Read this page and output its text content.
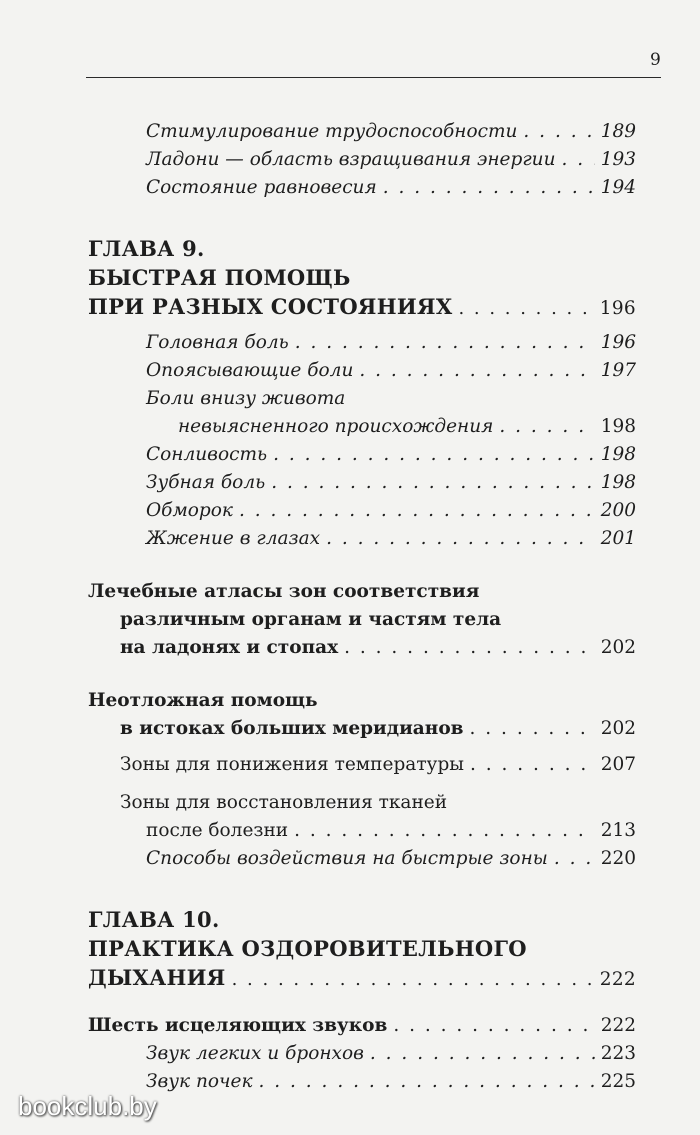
9
Стимулирование трудоспособности . . .	189
Ладони — область взращивания энергии . . . 193
Состояние равновесия . . .	194
ГЛАВА 9.
БЫСТРАЯ ПОМОЩЬ
ПРИ РАЗНЫХ СОСТОЯНИЯХ . . .	196
Головная боль . . .	196
Опоясывающие боли . . .	197
Боли внизу живота
невыясненного происхождения . . .	198
Сонливость . . .	198
Зубная боль . . .	198
Обморок . . .	200
Жжение в глазах . . .	201
Лечебные атласы зон соответствия
различным органам и частям тела
на ладонях и стопах . . .	202
Неотложная помощь
в истоках больших меридианов . . .	202
Зоны для понижения температуры . . .	207
Зоны для восстановления тканей
после болезни . . .	213
Способы воздействия на быстрые зоны . . .	220
ГЛАВА 10.
ПРАКТИКА ОЗДОРОВИТЕЛЬНОГО
ДЫХАНИЯ . . .	222
Шесть исцеляющих звуков . . .	222
Звук легких и бронхов . . .	223
Звук почек . . .	225
bookclub.by
